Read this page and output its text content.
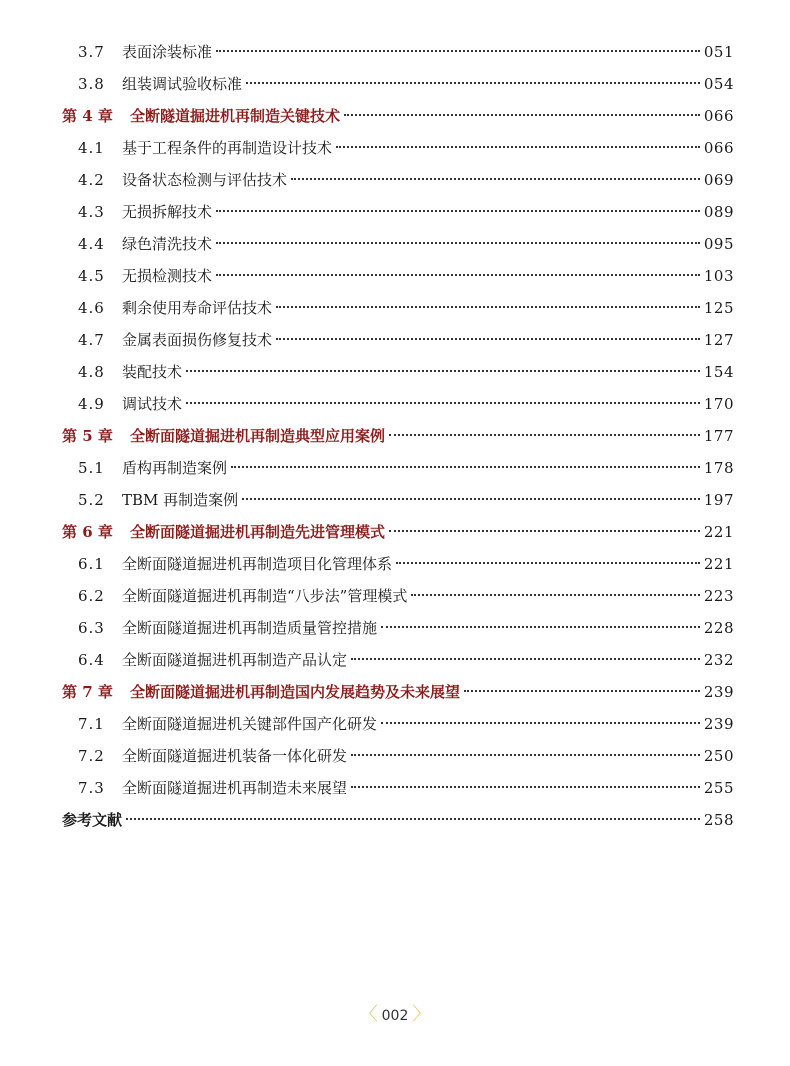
3.7	表面涂装标准	051
3.8	组装调试验收标准	054
第 4 章	全断隧道掘进机再制造关键技术	066
4.1	基于工程条件的再制造设计技术	066
4.2	设备状态检测与评估技术	069
4.3	无损拆解技术	089
4.4	绿色清洗技术	095
4.5	无损检测技术	103
4.6	剩余使用寿命评估技术	125
4.7	金属表面损伤修复技术	127
4.8	装配技术	154
4.9	调试技术	170
第 5 章	全断面隧道掘进机再制造典型应用案例	177
5.1	盾构再制造案例	178
5.2	TBM 再制造案例	197
第 6 章	全断面隧道掘进机再制造先进管理模式	221
6.1	全断面隧道掘进机再制造项目化管理体系	221
6.2	全断面隧道掘进机再制造“八步法”管理模式	223
6.3	全断面隧道掘进机再制造质量管控措施	228
6.4	全断面隧道掘进机再制造产品认定	232
第 7 章	全断面隧道掘进机再制造国内发展趋势及未来展望	239
7.1	全断面隧道掘进机关键部件国产化研发	239
7.2	全断面隧道掘进机装备一体化研发	250
7.3	全断面隧道掘进机再制造未来展望	255
参考文献	258
〈 002 〉
